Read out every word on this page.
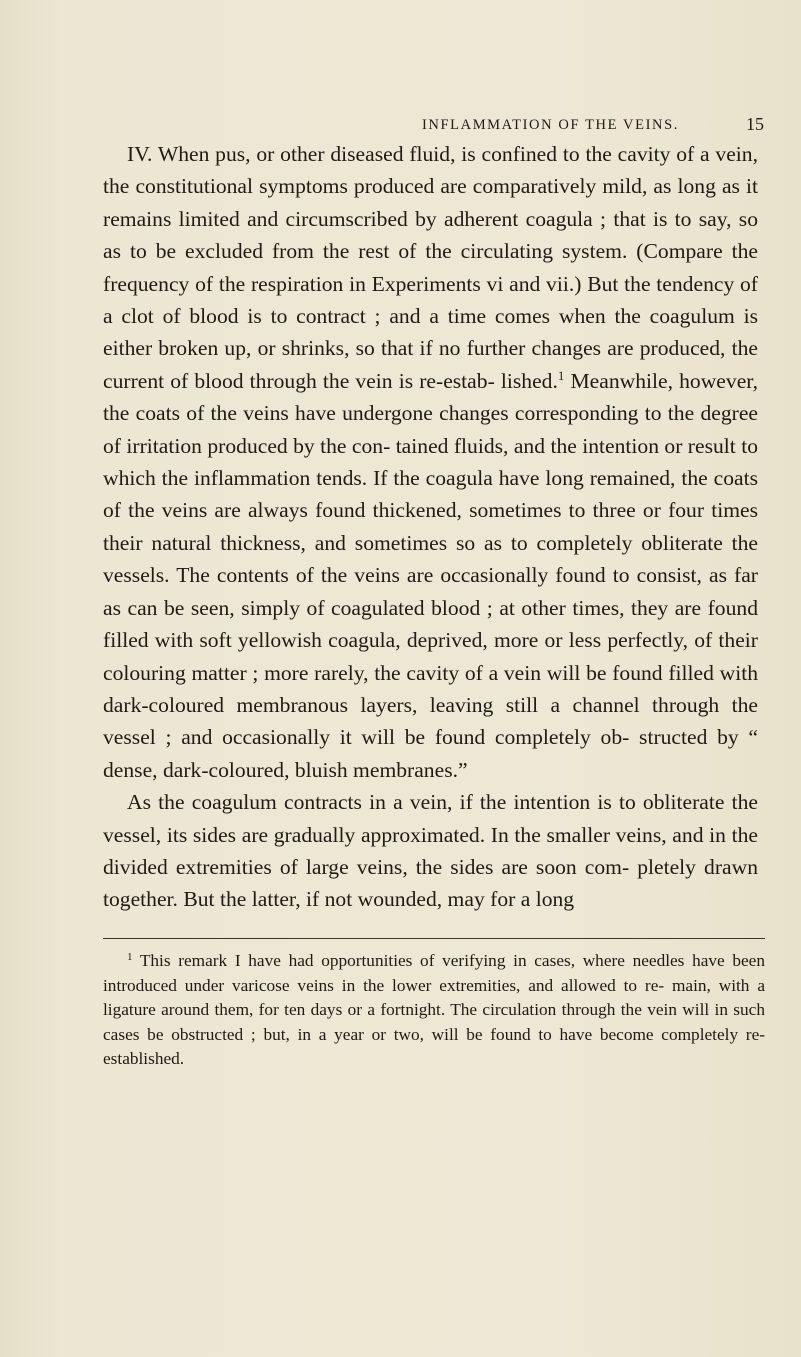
INFLAMMATION OF THE VEINS.	15

IV. When pus, or other diseased fluid, is confined to the cavity of a vein, the constitutional symptoms produced are comparatively mild, as long as it remains limited and circumscribed by adherent coagula ; that is to say, so as to be excluded from the rest of the circulating system. (Compare the frequency of the respiration in Experiments vi and vii.) But the tendency of a clot of blood is to contract ; and a time comes when the coagulum is either broken up, or shrinks, so that if no further changes are produced, the current of blood through the vein is re-estab- lished.$^1$ Meanwhile, however, the coats of the veins have undergone changes corresponding to the degree of irritation produced by the con- tained fluids, and the intention or result to which the inflammation tends. If the coagula have long remained, the coats of the veins are always found thickened, sometimes to three or four times their natural thickness, and sometimes so as to completely obliterate the vessels. The contents of the veins are occasionally found to consist, as far as can be seen, simply of coagulated blood ; at other times, they are found filled with soft yellowish coagula, deprived, more or less perfectly, of their colouring matter ; more rarely, the cavity of a vein will be found filled with dark-coloured membranous layers, leaving still a channel through the vessel ; and occasionally it will be found completely ob- structed by “ dense, dark-coloured, bluish membranes.”

As the coagulum contracts in a vein, if the intention is to obliterate the vessel, its sides are gradually approximated. In the smaller veins, and in the divided extremities of large veins, the sides are soon com- pletely drawn together. But the latter, if not wounded, may for a long

$^1$ This remark I have had opportunities of verifying in cases, where needles have been introduced under varicose veins in the lower extremities, and allowed to re- main, with a ligature around them, for ten days or a fortnight. The circulation through the vein will in such cases be obstructed ; but, in a year or two, will be found to have become completely re-established.
